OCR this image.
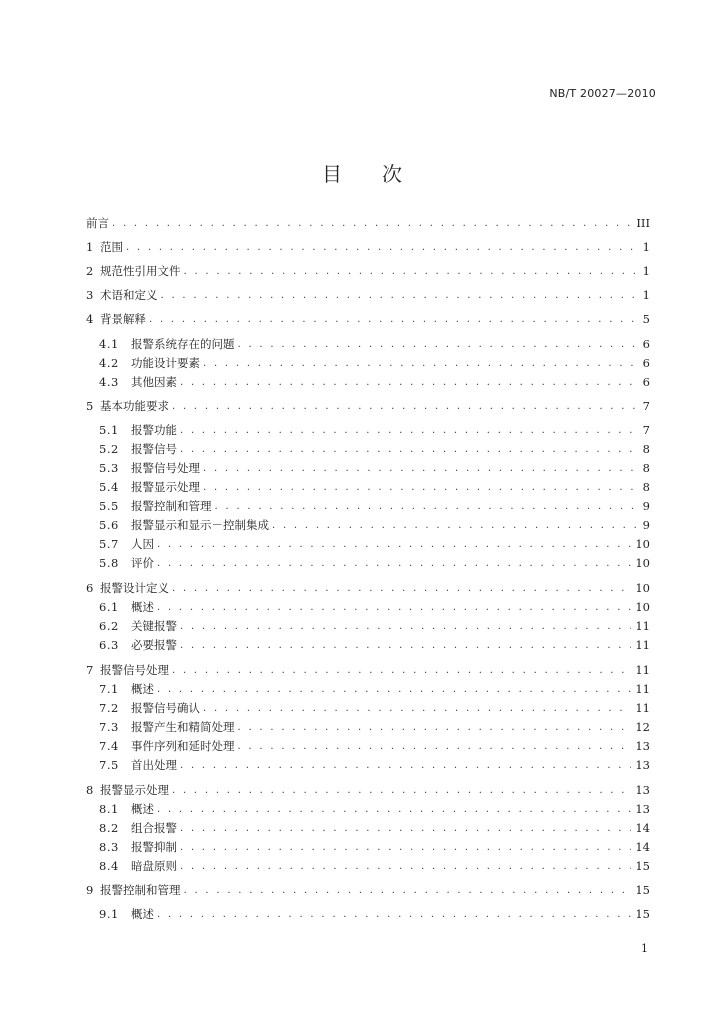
NB/T 20027—2010
目次
前言 . . .	III
1 范围 . . .	1
2 规范性引用文件 . . .	1
3 术语和定义 . . .	1
4 背景解释 . . .	5
4.1	报警系统存在的问题 . . .	6
4.2	功能设计要素 . . .	6
4.3	其他因素 . . .	6
5 基本功能要求 . . .	7
5.1	报警功能 . . .	7
5.2	报警信号 . . .	8
5.3	报警信号处理 . . .	8
5.4	报警显示处理 . . .	8
5.5	报警控制和管理 . . .	9
5.6	报警显示和显示－控制集成 . . .	9
5.7	人因 . . .	10
5.8	评价 . . .	10
6 报警设计定义 . . .	10
6.1	概述 . . .	10
6.2	关键报警 . . .	11
6.3	必要报警 . . .	11
7 报警信号处理 . . .	11
7.1	概述 . . .	11
7.2	报警信号确认 . . .	11
7.3	报警产生和精简处理 . . .	12
7.4	事件序列和延时处理 . . .	13
7.5	首出处理 . . .	13
8 报警显示处理 . . .	13
8.1	概述 . . .	13
8.2	组合报警 . . .	14
8.3	报警抑制 . . .	14
8.4	暗盘原则 . . .	15
9 报警控制和管理 . . .	15
9.1	概述 . . .	15
1
